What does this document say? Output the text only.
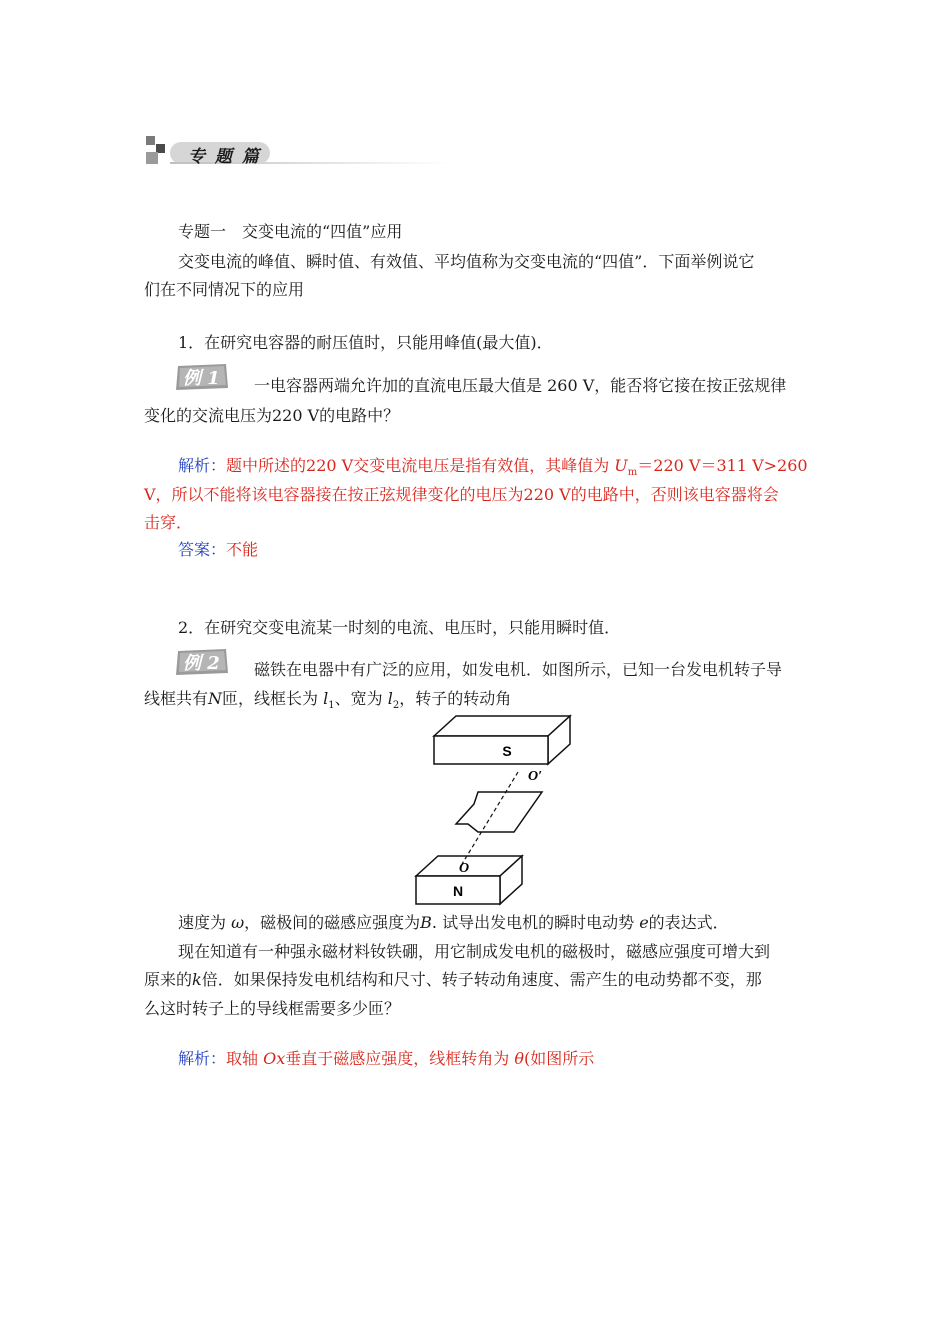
专 题 篇
专题一　交变电流的“四值”应用
交变电流的峰值、瞬时值、有效值、平均值称为交变电流的“四值”．下面举例说它
们在不同情况下的应用
1．在研究电容器的耐压值时，只能用峰值(最大值)．
例 1 一电容器两端允许加的直流电压最大值是 260 V，能否将它接在按正弦规律
变化的交流电压为220 V的电路中？
解析：题中所述的220 V交变电流电压是指有效值，其峰值为 $U_m=220$ V＝311 V>260
V，所以不能将该电容器接在按正弦规律变化的电压为220 V的电路中，否则该电容器将会
击穿．
答案：不能
2．在研究交变电流某一时刻的电流、电压时，只能用瞬时值．
例 2 磁铁在电器中有广泛的应用，如发电机．如图所示，已知一台发电机转子导
线框共有N匝，线框长为 $l_1$、宽为 $l_2$，转子的转动角
S
O′
O
N
速度为 ω，磁极间的磁感应强度为B. 试导出发电机的瞬时电动势 e的表达式．
现在知道有一种强永磁材料钕铁硼，用它制成发电机的磁极时，磁感应强度可增大到
原来的k倍．如果保持发电机结构和尺寸、转子转动角速度、需产生的电动势都不变，那
么这时转子上的导线框需要多少匝？
解析：取轴 Ox垂直于磁感应强度，线框转角为 θ(如图所示
